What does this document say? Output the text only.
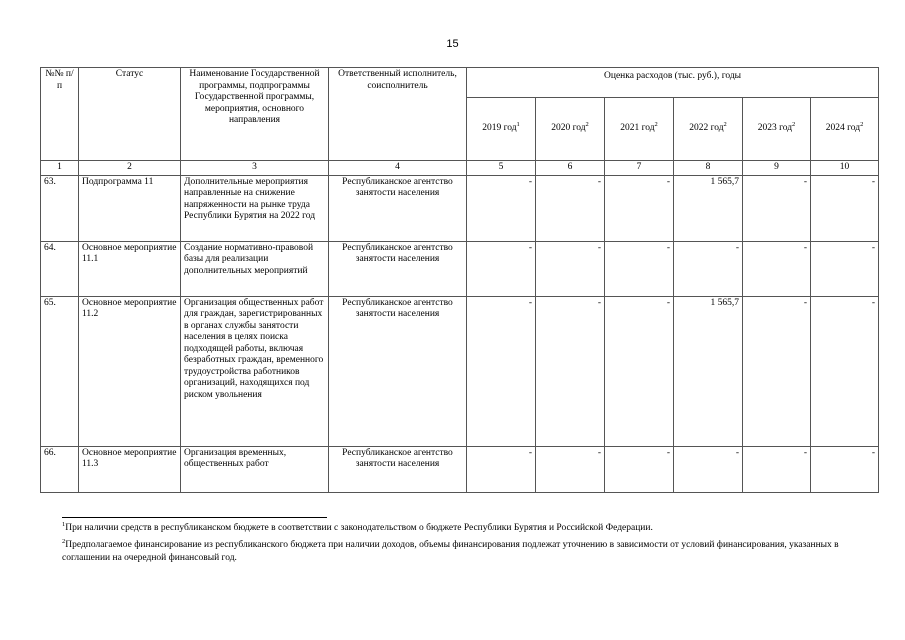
15
№№ п/п	Статус	Наименование Государственной программы, подпрограммы Государственной программы, мероприятия, основного направления	Ответственный исполнитель, соисполнитель	Оценка расходов (тыс. руб.), годы					
				2019 год$^1$	2020 год$^2$	2021 год$^2$	2022 год$^2$	2023 год$^2$	2024 год$^2$
1	2	3	4	5	6	7	8	9	10
63.	Подпрограмма 11	Дополнительные мероприятия направленные на снижение напряженности на рынке труда Республики Бурятия на 2022 год	Республиканское агентство занятости населения	-	-	-	1 565,7	-	-
64.	Основное мероприятие 11.1	Создание нормативно-правовой базы для реализации дополнительных мероприятий	Республиканское агентство занятости населения	-	-	-	-	-	-
65.	Основное мероприятие 11.2	Организация общественных работ для граждан, зарегистрированных в органах службы занятости населения в целях поиска подходящей работы, включая безработных граждан, временного трудоустройства работников организаций, находящихся под риском увольнения	Республиканское агентство занятости населения	-	-	-	1 565,7	-	-
66.	Основное мероприятие 11.3	Организация временных, общественных работ	Республиканское агентство занятости населения	-	-	-	-	-	-
$^1$При наличии средств в республиканском бюджете в соответствии с законодательством о бюджете Республики Бурятия и Российской Федерации.
$^2$Предполагаемое финансирование из республиканского бюджета при наличии доходов, объемы финансирования подлежат уточнению в зависимости от условий финансирования, указанных в соглашении на очередной финансовый год.
